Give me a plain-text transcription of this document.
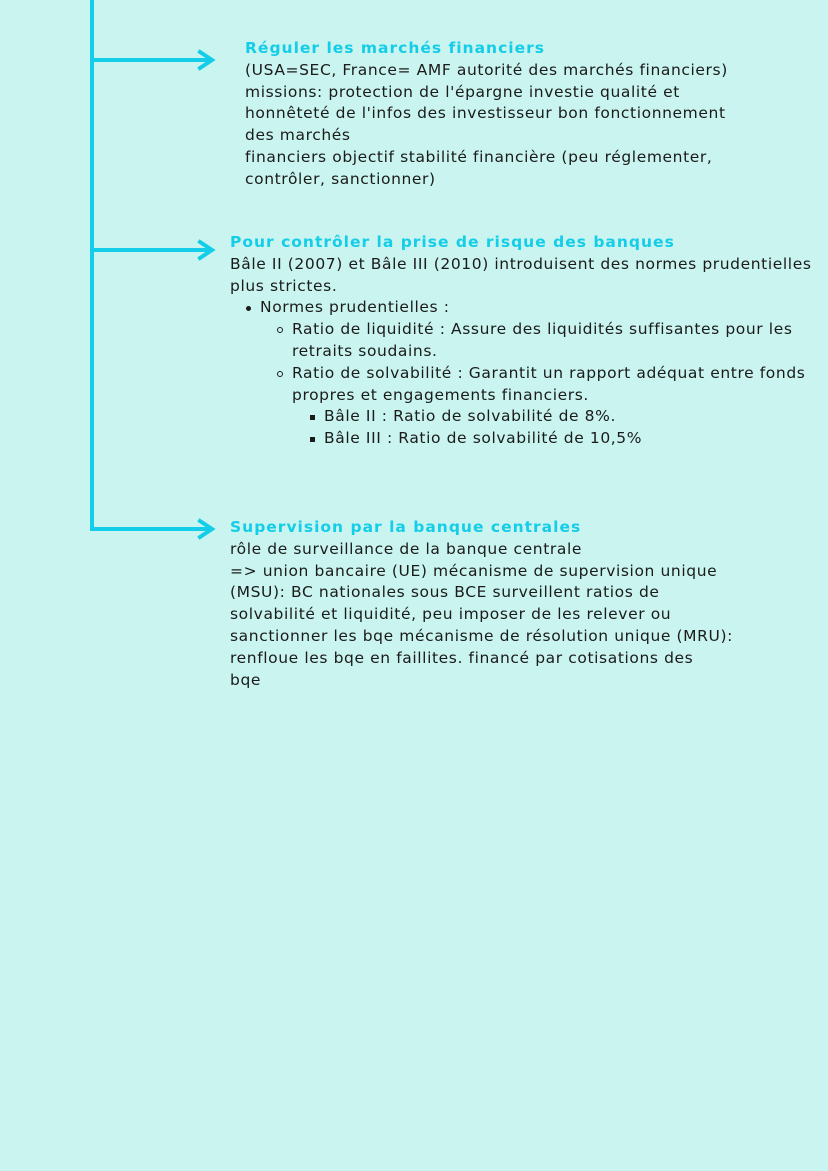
Réguler les marchés financiers
(USA=SEC, France= AMF autorité des marchés financiers)
missions: protection de l'épargne investie qualité et
honnêteté de l'infos des investisseur bon fonctionnement
des marchés
financiers objectif stabilité financière (peu réglementer,
contrôler, sanctionner)
Pour contrôler la prise de risque des banques
Bâle II (2007) et Bâle III (2010) introduisent des normes prudentielles plus strictes.
Normes prudentielles :
Ratio de liquidité : Assure des liquidités suffisantes pour les retraits soudains.
Ratio de solvabilité : Garantit un rapport adéquat entre fonds propres et engagements financiers.
Bâle II : Ratio de solvabilité de 8%.
Bâle III : Ratio de solvabilité de 10,5%
Supervision par la banque centrales
rôle de surveillance de la banque centrale
=> union bancaire (UE) mécanisme de supervision unique
(MSU): BC nationales sous BCE surveillent ratios de
solvabilité et liquidité, peu imposer de les relever ou
sanctionner les bqe mécanisme de résolution unique (MRU):
renfloue les bqe en faillites. financé par cotisations des
bqe
